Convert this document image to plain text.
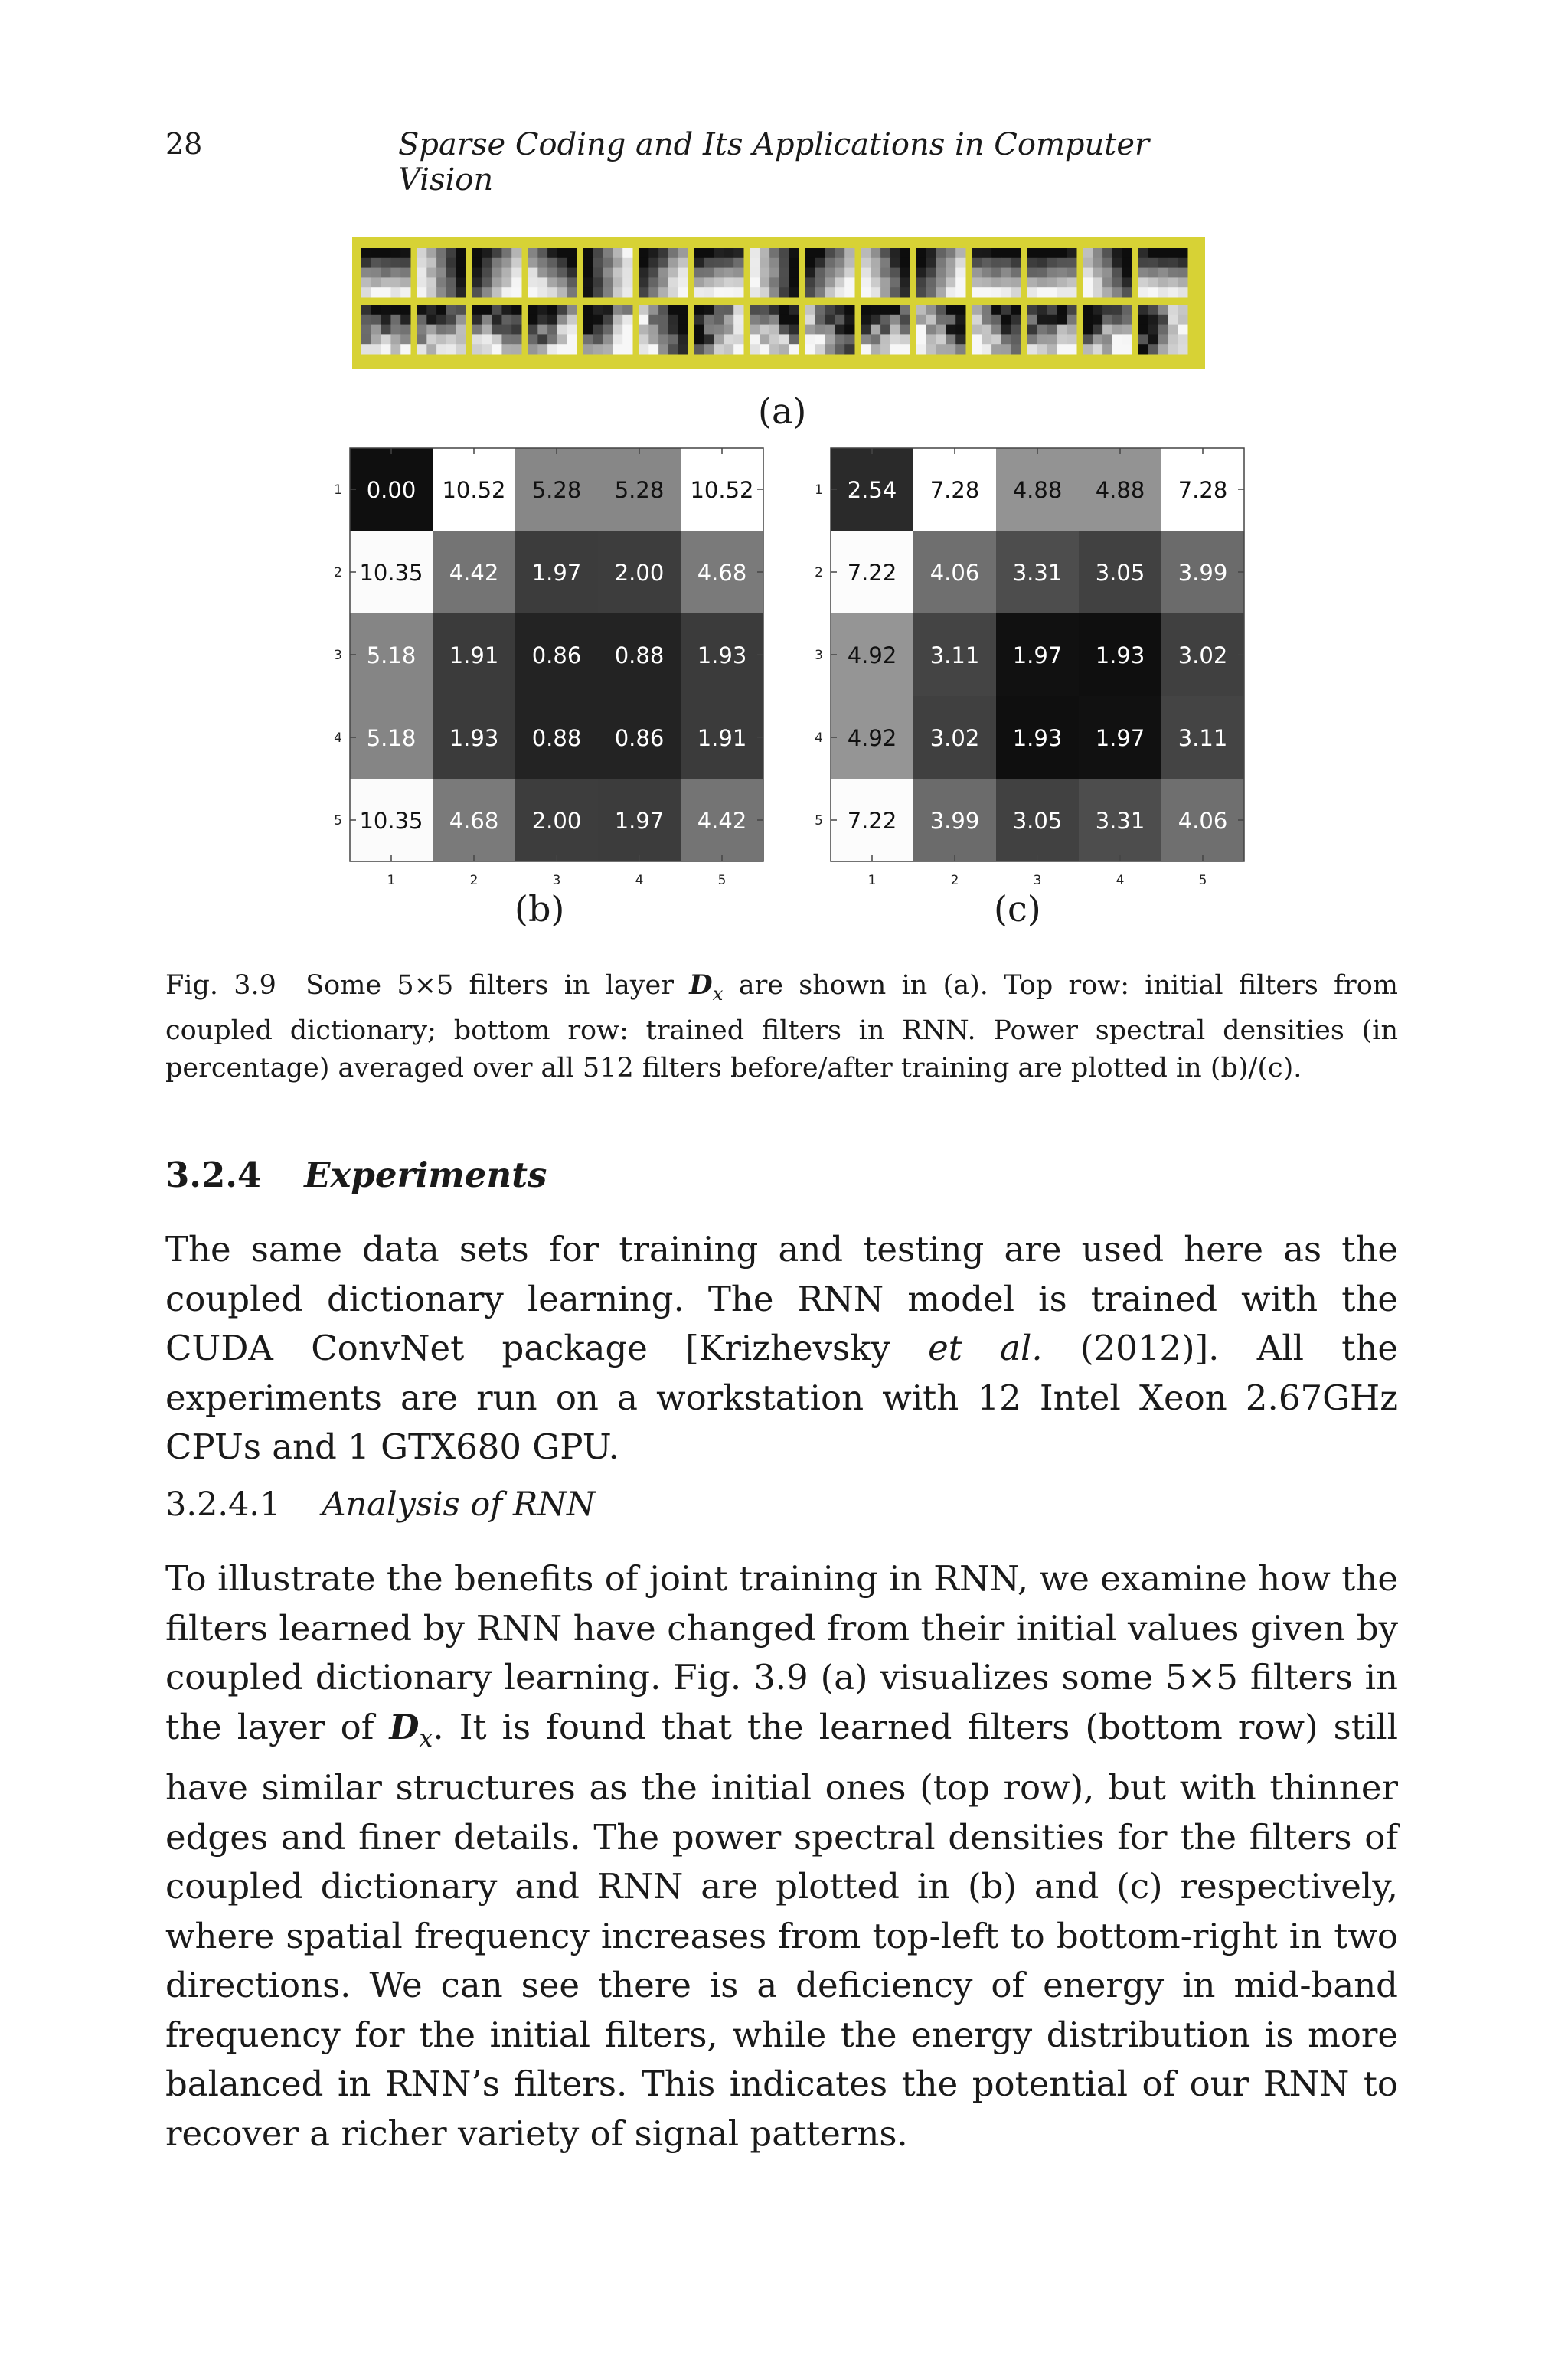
28	Sparse Coding and Its Applications in Computer Vision
(a)
0.00 10.52 5.28 5.28 10.52
10.35 4.42 1.97 2.00 4.68
5.18 1.91 0.86 0.88 1.93
5.18 1.93 0.88 0.86 1.91
10.35 4.68 2.00 1.97 4.42
1
2
3
4
5
1	2	3	4	5
2.54 7.28 4.88 4.88 7.28
7.22 4.06 3.31 3.05 3.99
4.92 3.11 1.97 1.93 3.02
4.92 3.02 1.93 1.97 3.11
7.22 3.99 3.05 3.31 4.06
1
2
3
4
5
1	2	3	4	5
(b)	(c)
Fig. 3.9 Some 5×5 filters in layer $D_x$ are shown in (a). Top row: initial filters from coupled dictionary; bottom row: trained filters in RNN. Power spectral densities (in percentage) averaged over all 512 filters before/after training are plotted in (b)/(c).
3.2.4 Experiments
The same data sets for training and testing are used here as the coupled dictionary learning. The RNN model is trained with the CUDA ConvNet package [Krizhevsky et al. (2012)]. All the experiments are run on a workstation with 12 Intel Xeon 2.67GHz CPUs and 1 GTX680 GPU.
3.2.4.1 Analysis of RNN
To illustrate the benefits of joint training in RNN, we examine how the filters learned by RNN have changed from their initial values given by coupled dictionary learning. Fig. 3.9 (a) visualizes some 5×5 filters in the layer of $D_x$. It is found that the learned filters (bottom row) still have similar structures as the initial ones (top row), but with thinner edges and finer details. The power spectral densities for the filters of coupled dictionary and RNN are plotted in (b) and (c) respectively, where spatial frequency increases from top-left to bottom-right in two directions. We can see there is a deficiency of energy in mid-band frequency for the initial filters, while the energy distribution is more balanced in RNN’s filters. This indicates the potential of our RNN to recover a richer variety of signal patterns.
